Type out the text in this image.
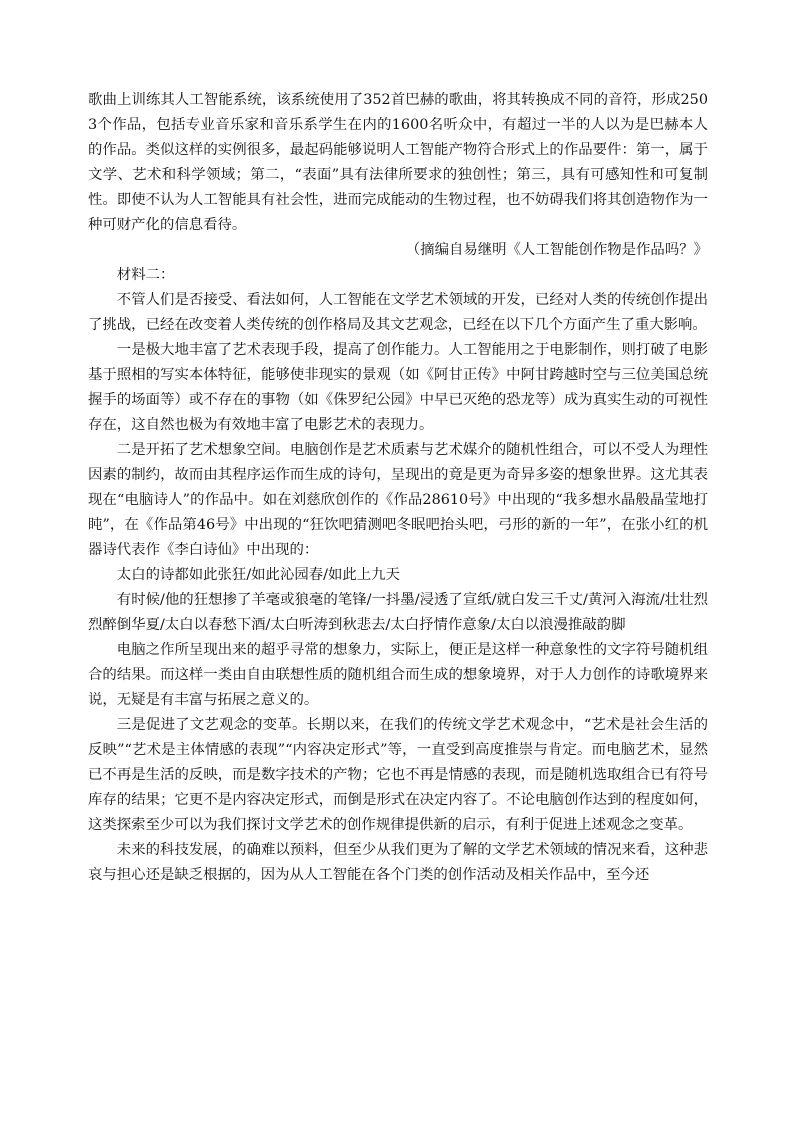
歌曲上训练其人工智能系统，该系统使用了352首巴赫的歌曲，将其转换成不同的音符，形成2503个作品，包括专业音乐家和音乐系学生在内的1600名听众中，有超过一半的人以为是巴赫本人的作品。类似这样的实例很多，最起码能够说明人工智能产物符合形式上的作品要件：第一，属于文学、艺术和科学领域；第二，“表面”具有法律所要求的独创性；第三，具有可感知性和可复制性。即使不认为人工智能具有社会性，进而完成能动的生物过程，也不妨碍我们将其创造物作为一种可财产化的信息看待。

（摘编自易继明《人工智能创作物是作品吗？》

材料二：

不管人们是否接受、看法如何，人工智能在文学艺术领域的开发，已经对人类的传统创作提出了挑战，已经在改变着人类传统的创作格局及其文艺观念，已经在以下几个方面产生了重大影响。

一是极大地丰富了艺术表现手段，提高了创作能力。人工智能用之于电影制作，则打破了电影基于照相的写实本体特征，能够使非现实的景观（如《阿甘正传》中阿甘跨越时空与三位美国总统握手的场面等）或不存在的事物（如《侏罗纪公园》中早已灭绝的恐龙等）成为真实生动的可视性存在，这自然也极为有效地丰富了电影艺术的表现力。

二是开拓了艺术想象空间。电脑创作是艺术质素与艺术媒介的随机性组合，可以不受人为理性因素的制约，故而由其程序运作而生成的诗句，呈现出的竟是更为奇异多姿的想象世界。这尤其表现在“电脑诗人”的作品中。如在刘慈欣创作的《作品28610号》中出现的“我多想水晶般晶莹地打盹”，在《作品第46号》中出现的“狂饮吧猜测吧冬眠吧抬头吧，弓形的新的一年”，在张小红的机器诗代表作《李白诗仙》中出现的：

太白的诗都如此张狂/如此沁园春/如此上九天

有时候/他的狂想掺了羊毫或狼毫的笔锋/一抖墨/浸透了宣纸/就白发三千丈/黄河入海流/壮壮烈烈醉倒华夏/太白以春愁下酒/太白听涛到秋悲去/太白抒情作意象/太白以浪漫推敲韵脚

电脑之作所呈现出来的超乎寻常的想象力，实际上，便正是这样一种意象性的文字符号随机组合的结果。而这样一类由自由联想性质的随机组合而生成的想象境界，对于人力创作的诗歌境界来说，无疑是有丰富与拓展之意义的。

三是促进了文艺观念的变革。长期以来，在我们的传统文学艺术观念中，“艺术是社会生活的反映”“艺术是主体情感的表现”“内容决定形式”等，一直受到高度推崇与肯定。而电脑艺术，显然已不再是生活的反映，而是数字技术的产物；它也不再是情感的表现，而是随机选取组合已有符号库存的结果；它更不是内容决定形式，而倒是形式在决定内容了。不论电脑创作达到的程度如何，这类探索至少可以为我们探讨文学艺术的创作规律提供新的启示，有利于促进上述观念之变革。

未来的科技发展，的确难以预料，但至少从我们更为了解的文学艺术领域的情况来看，这种悲哀与担心还是缺乏根据的，因为从人工智能在各个门类的创作活动及相关作品中，至今还
